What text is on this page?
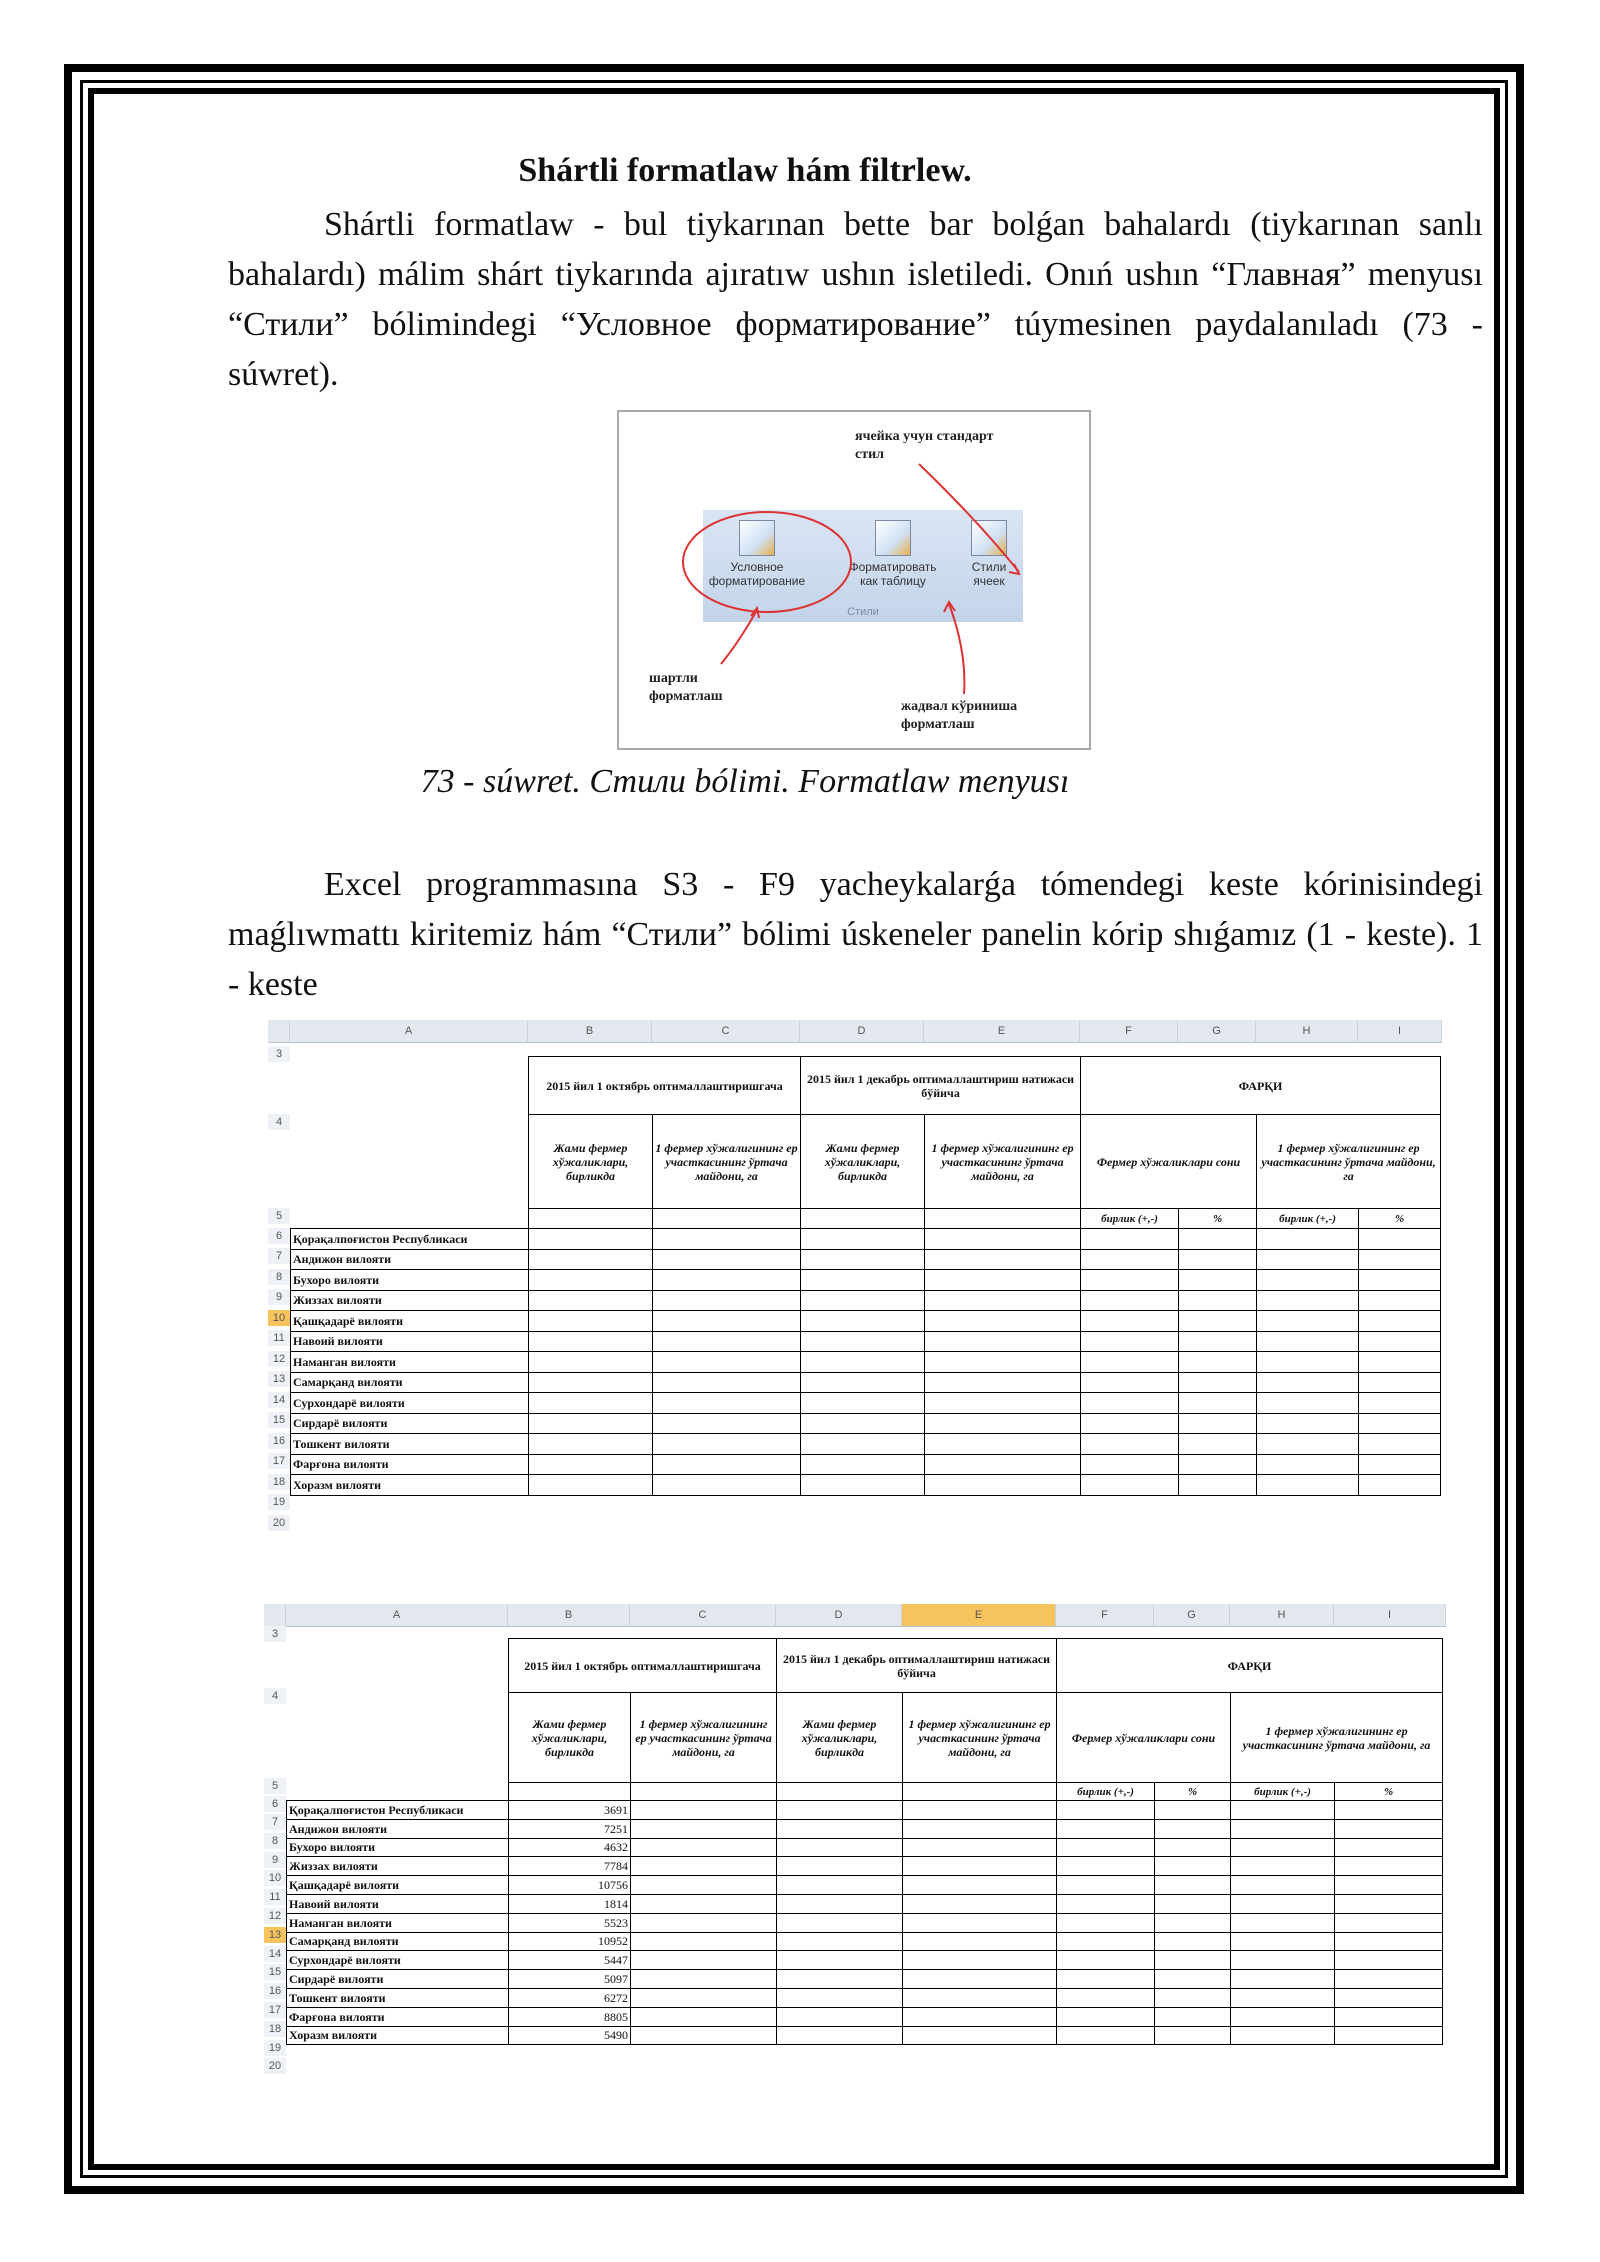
Shártli formatlaw hám filtrlew.
Shártli formatlaw - bul tiykarınan bette bar bolǵan bahalardı (tiykarınan sanlı bahalardı) málim shárt tiykarında ajıratıw ushın isletiledi. Onıń ushın “Главная” menyusı “Стили” bólimindegi “Условное форматирование” túymesinen paydalanıladı (73 - súwret).
ячейка учун стандарт стил
Условное форматирование
Форматировать как таблицу
Стили ячеек
Стили
шартли форматлаш
жадвал кўриниша форматлаш
73 - súwret. Стили bólimi. Formatlaw menyusı
Excel programmasına S3 - F9 yacheykalarǵa tómendegi keste kórinisindegi maǵlıwmattı kiritemiz hám “Стили” bólimi úskeneler panelin kórip shıǵamız (1 - keste). 1 - keste
A	B	C	D	E	F	G	H	I
	2015 йил 1 октябрь оптималлаштиришгача		2015 йил 1 декабрь оптималлаштириш натижаси бўйича		ФАРҚИ			
	Жами фермер хўжаликлари, бирликда	1 фермер хўжалигининг ер участкасининг ўртача майдони, га	Жами фермер хўжаликлари, бирликда	1 фермер хўжалигининг ер участкасининг ўртача майдони, га	Фермер хўжаликлари сони		1 фермер хўжалигининг ер участкасининг ўртача майдони, га	
					бирлик (+,-)	%	бирлик (+,-)	%
Қорақалпоғистон Республикаси								
Андижон вилояти								
Бухоро вилояти								
Жиззах вилояти								
Қашқадарё вилояти								
Навоий вилояти								
Наманган вилояти								
Самарқанд вилояти								
Сурхондарё вилояти								
Сирдарё вилояти								
Тошкент вилояти								
Фарғона вилояти								
Хоразм вилояти								
3
4
5
6
7
8
9
10
11
12
13
14
15
16
17
18
19
20
A	B	C	D	E	F	G	H	I
	2015 йил 1 октябрь оптималлаштиришгача		2015 йил 1 декабрь оптималлаштириш натижаси бўйича		ФАРҚИ			
	Жами фермер хўжаликлари, бирликда	1 фермер хўжалигининг ер участкасининг ўртача майдони, га	Жами фермер хўжаликлари, бирликда	1 фермер хўжалигининг ер участкасининг ўртача майдони, га	Фермер хўжаликлари сони		1 фермер хўжалигининг ер участкасининг ўртача майдони, га	
					бирлик (+,-)	%	бирлик (+,-)	%
Қорақалпоғистон Республикаси	3691							
Андижон вилояти	7251							
Бухоро вилояти	4632							
Жиззах вилояти	7784							
Қашқадарё вилояти	10756							
Навоий вилояти	1814							
Наманган вилояти	5523							
Самарқанд вилояти	10952							
Сурхондарё вилояти	5447							
Сирдарё вилояти	5097							
Тошкент вилояти	6272							
Фарғона вилояти	8805							
Хоразм вилояти	5490							
3
4
5
6
7
8
9
10
11
12
13
14
15
16
17
18
19
20
